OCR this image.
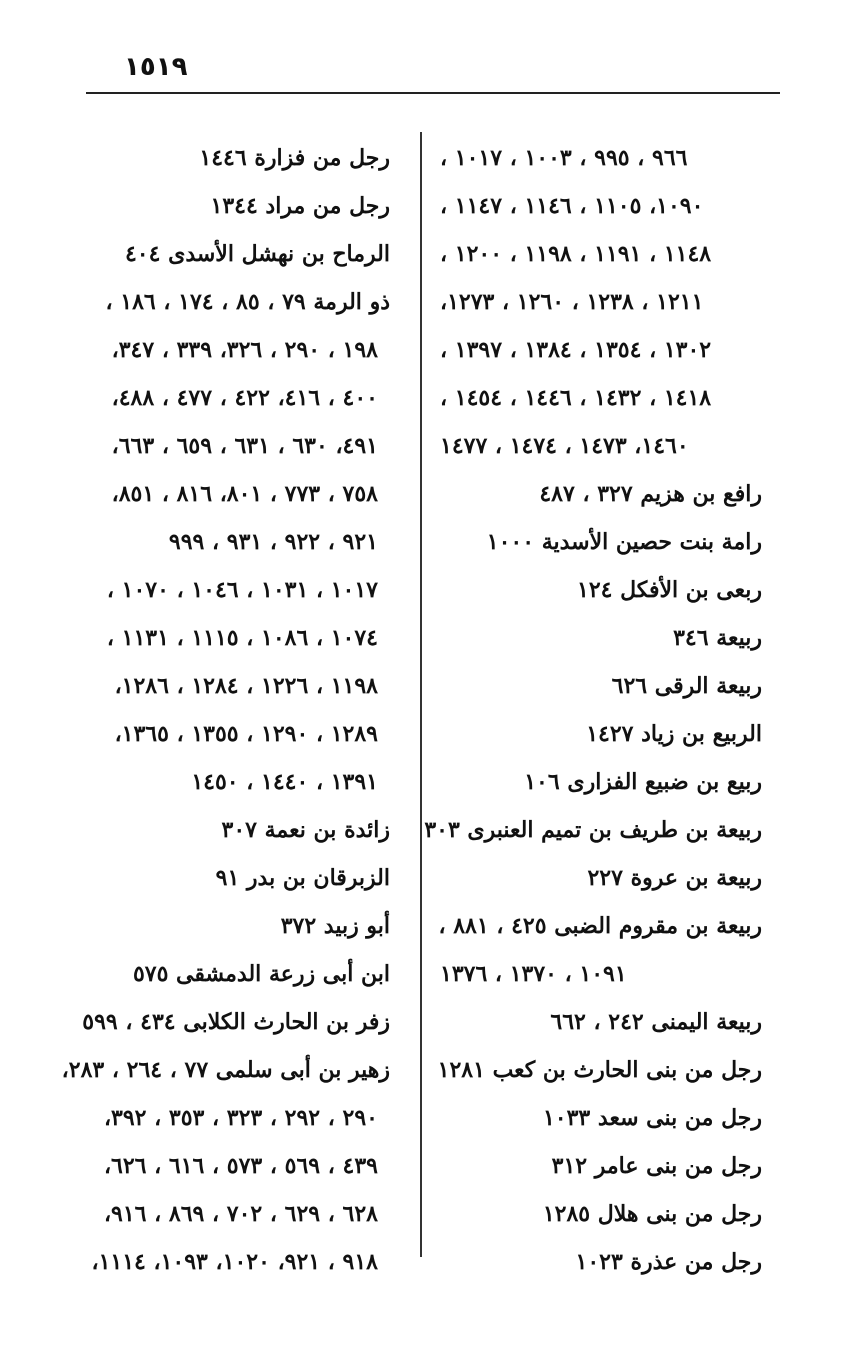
١٥١٩
٩٦٦ ، ٩٩٥ ، ١٠٠٣ ، ١٠١٧ ،
١٠٩٠، ١١٠٥ ، ١١٤٦ ، ١١٤٧ ،
١١٤٨ ، ١١٩١ ، ١١٩٨ ، ١٢٠٠ ،
١٢١١ ، ١٢٣٨ ، ١٢٦٠ ، ١٢٧٣،
١٣٠٢ ، ١٣٥٤ ، ١٣٨٤ ، ١٣٩٧ ،
١٤١٨ ، ١٤٣٢ ، ١٤٤٦ ، ١٤٥٤ ،
١٤٦٠، ١٤٧٣ ، ١٤٧٤ ، ١٤٧٧
رافع بن هزيم ٣٢٧ ، ٤٨٧
رامة بنت حصين الأسدية ١٠٠٠
ربعى بن الأفكل ١٢٤
ربيعة ٣٤٦
ربيعة الرقى ٦٢٦
الربيع بن زياد ١٤٢٧
ربيع بن ضبيع الفزارى ١٠٦
ربيعة بن طريف بن تميم العنبرى ٣٠٣
ربيعة بن عروة ٢٢٧
ربيعة بن مقروم الضبى ٤٢٥ ، ٨٨١ ،
١٠٩١ ، ١٣٧٠ ، ١٣٧٦
ربيعة اليمنى ٢٤٢ ، ٦٦٢
رجل من بنى الحارث بن كعب ١٢٨١
رجل من بنى سعد ١٠٣٣
رجل من بنى عامر ٣١٢
رجل من بنى هلال ١٢٨٥
رجل من عذرة ١٠٢٣
رجل من فزارة ١٤٤٦
رجل من مراد ١٣٤٤
الرماح بن نهشل الأسدى ٤٠٤
ذو الرمة ٧٩ ، ٨٥ ، ١٧٤ ، ١٨٦ ،
١٩٨ ، ٢٩٠ ، ٣٢٦، ٣٣٩ ، ٣٤٧،
٤٠٠ ، ٤١٦، ٤٢٢ ، ٤٧٧ ، ٤٨٨،
٤٩١، ٦٣٠ ، ٦٣١ ، ٦٥٩ ، ٦٦٣،
٧٥٨ ، ٧٧٣ ، ٨٠١، ٨١٦ ، ٨٥١،
٩٢١ ، ٩٢٢ ، ٩٣١ ، ٩٩٩
١٠١٧ ، ١٠٣١ ، ١٠٤٦ ، ١٠٧٠ ،
١٠٧٤ ، ١٠٨٦ ، ١١١٥ ، ١١٣١ ،
١١٩٨ ، ١٢٢٦ ، ١٢٨٤ ، ١٢٨٦،
١٢٨٩ ، ١٢٩٠ ، ١٣٥٥ ، ١٣٦٥،
١٣٩١ ، ١٤٤٠ ، ١٤٥٠
زائدة بن نعمة ٣٠٧
الزبرقان بن بدر ٩١
أبو زبيد ٣٧٢
ابن أبى زرعة الدمشقى ٥٧٥
زفر بن الحارث الكلابى ٤٣٤ ، ٥٩٩
زهير بن أبى سلمى ٧٧ ، ٢٦٤ ، ٢٨٣،
٢٩٠ ، ٢٩٢ ، ٣٢٣ ، ٣٥٣ ، ٣٩٢،
٤٣٩ ، ٥٦٩ ، ٥٧٣ ، ٦١٦ ، ٦٢٦،
٦٢٨ ، ٦٢٩ ، ٧٠٢ ، ٨٦٩ ، ٩١٦،
٩١٨ ، ٩٢١، ١٠٢٠، ١٠٩٣، ١١١٤،
